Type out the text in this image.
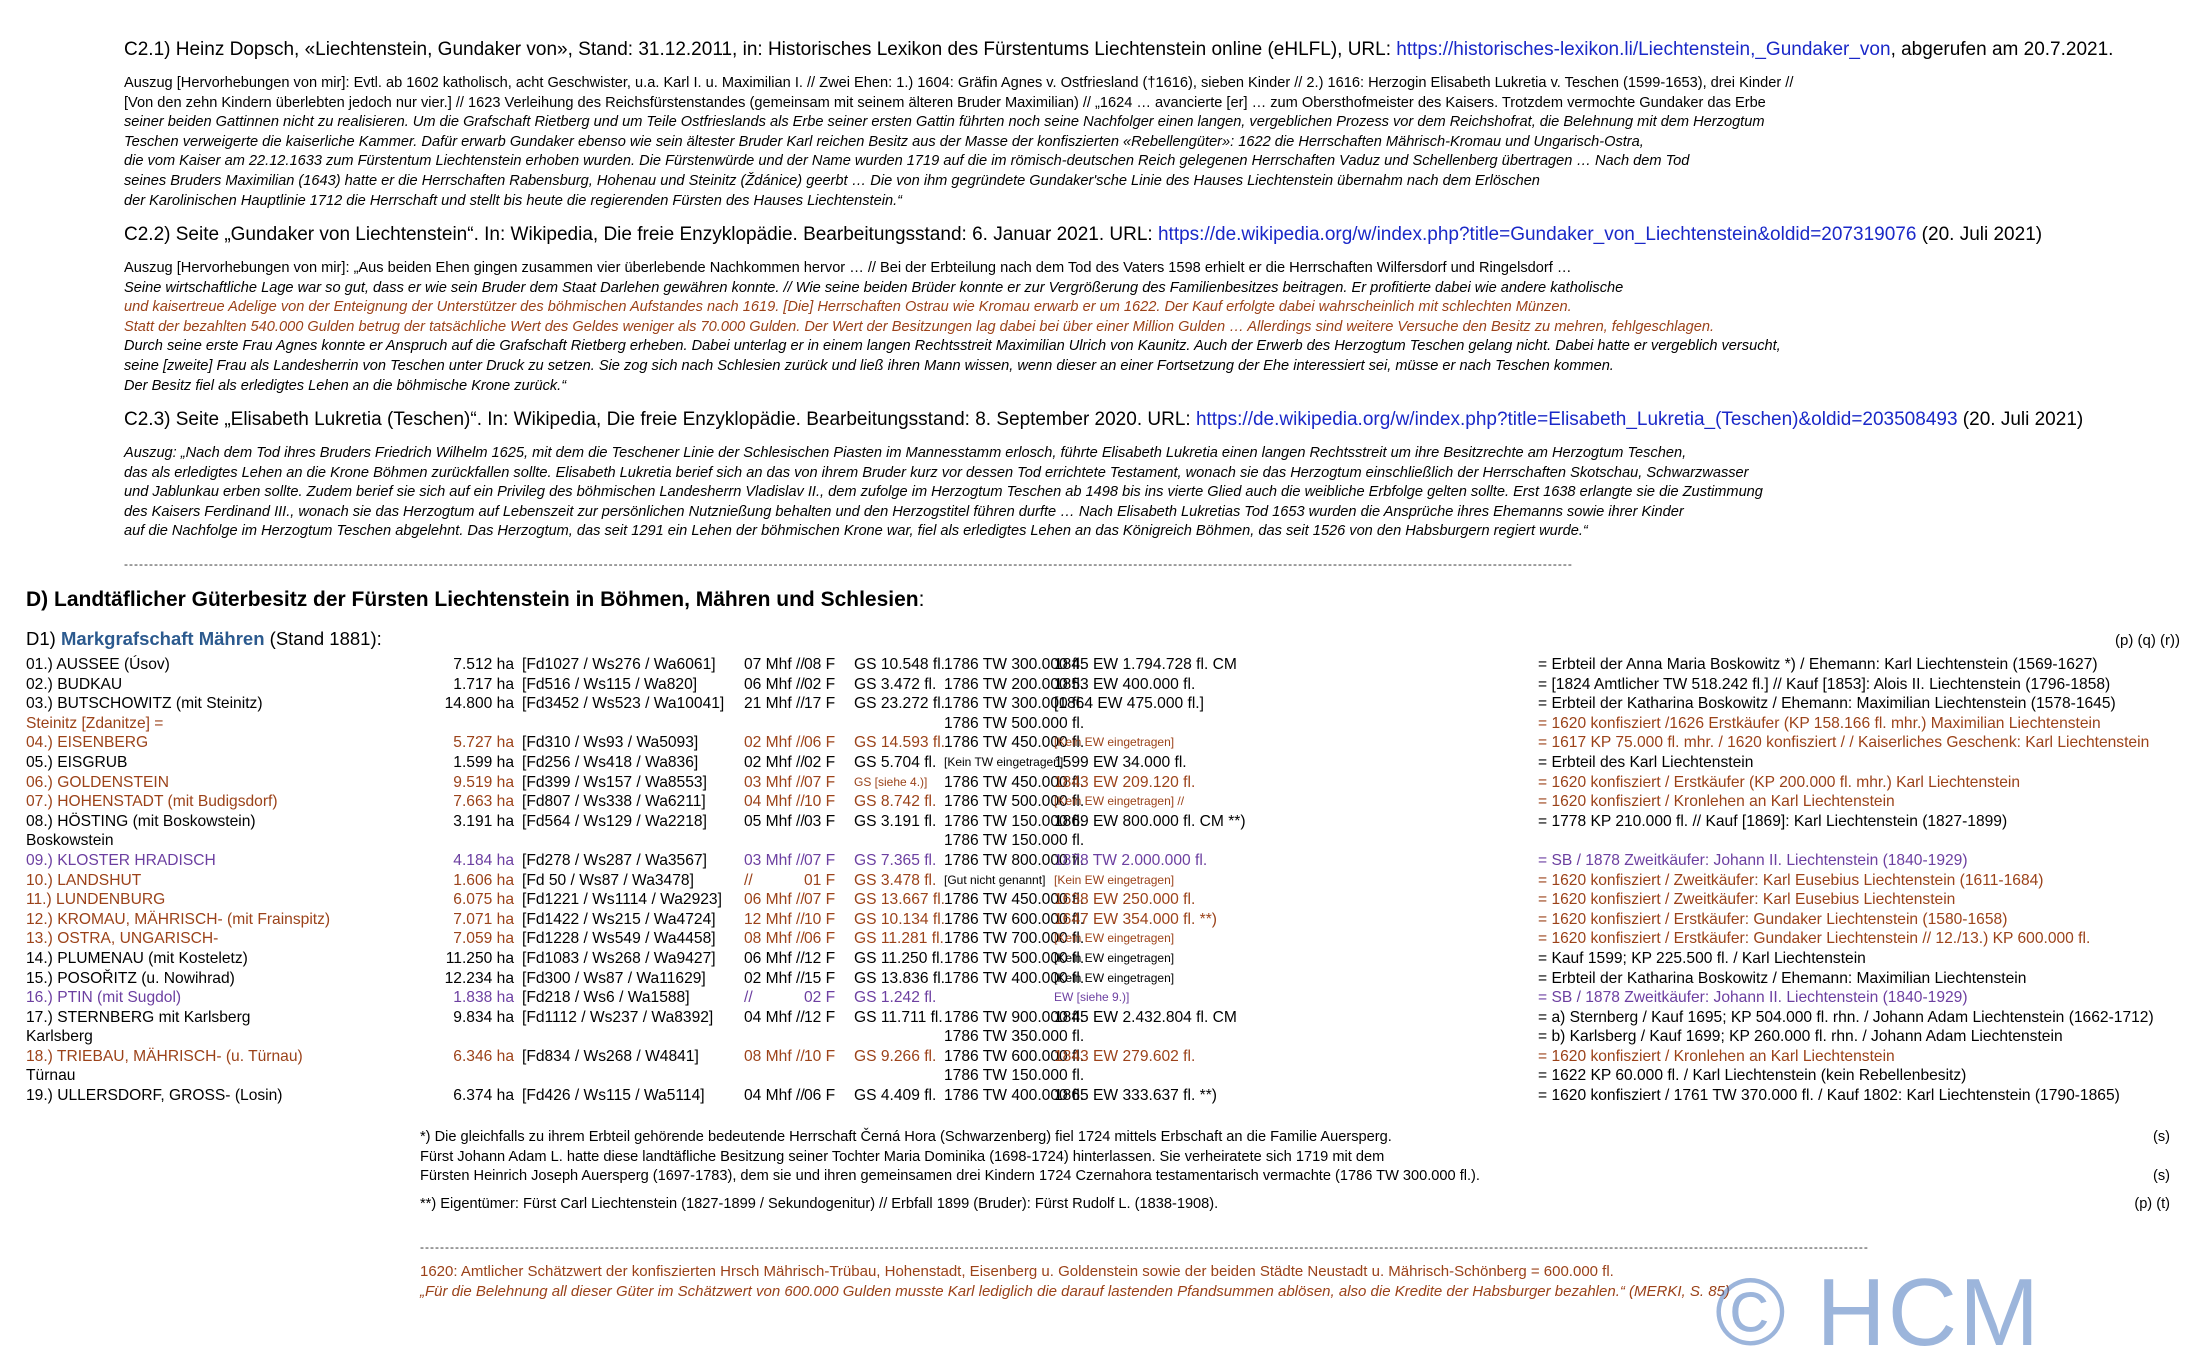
C2.1) Heinz Dopsch, «Liechtenstein, Gundaker von», Stand: 31.12.2011, in: Historisches Lexikon des Fürstentums Liechtenstein online (eHLFL), URL: https://historisches-lexikon.li/Liechtenstein,_Gundaker_von, abgerufen am 20.7.2021.
Auszug [Hervorhebungen von mir]: Evtl. ab 1602 katholisch, acht Geschwister, u.a. Karl I. u. Maximilian I. // Zwei Ehen: 1.) 1604: Gräfin Agnes v. Ostfriesland (†1616), sieben Kinder // 2.) 1616: Herzogin Elisabeth Lukretia v. Teschen (1599-1653), drei Kinder //
[Von den zehn Kindern überlebten jedoch nur vier.] // 1623 Verleihung des Reichsfürstenstandes (gemeinsam mit seinem älteren Bruder Maximilian) // „1624 … avancierte [er] … zum Obersthofmeister des Kaisers. Trotzdem vermochte Gundaker das Erbe
seiner beiden Gattinnen nicht zu realisieren. Um die Grafschaft Rietberg und um Teile Ostfrieslands als Erbe seiner ersten Gattin führten noch seine Nachfolger einen langen, vergeblichen Prozess vor dem Reichshofrat, die Belehnung mit dem Herzogtum
Teschen verweigerte die kaiserliche Kammer. Dafür erwarb Gundaker ebenso wie sein ältester Bruder Karl reichen Besitz aus der Masse der konfiszierten «Rebellengüter»: 1622 die Herrschaften Mährisch-Kromau und Ungarisch-Ostra,
die vom Kaiser am 22.12.1633 zum Fürstentum Liechtenstein erhoben wurden. Die Fürstenwürde und der Name wurden 1719 auf die im römisch-deutschen Reich gelegenen Herrschaften Vaduz und Schellenberg übertragen … Nach dem Tod
seines Bruders Maximilian (1643) hatte er die Herrschaften Rabensburg, Hohenau und Steinitz (Ždánice) geerbt … Die von ihm gegründete Gundaker'sche Linie des Hauses Liechtenstein übernahm nach dem Erlöschen
der Karolinischen Hauptlinie 1712 die Herrschaft und stellt bis heute die regierenden Fürsten des Hauses Liechtenstein.“
C2.2) Seite „Gundaker von Liechtenstein“. In: Wikipedia, Die freie Enzyklopädie. Bearbeitungsstand: 6. Januar 2021. URL: https://de.wikipedia.org/w/index.php?title=Gundaker_von_Liechtenstein&oldid=207319076 (20. Juli 2021)
Auszug [Hervorhebungen von mir]: „Aus beiden Ehen gingen zusammen vier überlebende Nachkommen hervor … // Bei der Erbteilung nach dem Tod des Vaters 1598 erhielt er die Herrschaften Wilfersdorf und Ringelsdorf …
Seine wirtschaftliche Lage war so gut, dass er wie sein Bruder dem Staat Darlehen gewähren konnte. // Wie seine beiden Brüder konnte er zur Vergrößerung des Familienbesitzes beitragen. Er profitierte dabei wie andere katholische
und kaisertreue Adelige von der Enteignung der Unterstützer des böhmischen Aufstandes nach 1619. [Die] Herrschaften Ostrau wie Kromau erwarb er um 1622. Der Kauf erfolgte dabei wahrscheinlich mit schlechten Münzen.
Statt der bezahlten 540.000 Gulden betrug der tatsächliche Wert des Geldes weniger als 70.000 Gulden. Der Wert der Besitzungen lag dabei bei über einer Million Gulden … Allerdings sind weitere Versuche den Besitz zu mehren, fehlgeschlagen.
Durch seine erste Frau Agnes konnte er Anspruch auf die Grafschaft Rietberg erheben. Dabei unterlag er in einem langen Rechtsstreit Maximilian Ulrich von Kaunitz. Auch der Erwerb des Herzogtum Teschen gelang nicht. Dabei hatte er vergeblich versucht,
seine [zweite] Frau als Landesherrin von Teschen unter Druck zu setzen. Sie zog sich nach Schlesien zurück und ließ ihren Mann wissen, wenn dieser an einer Fortsetzung der Ehe interessiert sei, müsse er nach Teschen kommen.
Der Besitz fiel als erledigtes Lehen an die böhmische Krone zurück.“
C2.3) Seite „Elisabeth Lukretia (Teschen)“. In: Wikipedia, Die freie Enzyklopädie. Bearbeitungsstand: 8. September 2020. URL: https://de.wikipedia.org/w/index.php?title=Elisabeth_Lukretia_(Teschen)&oldid=203508493 (20. Juli 2021)
Auszug: „Nach dem Tod ihres Bruders Friedrich Wilhelm 1625, mit dem die Teschener Linie der Schlesischen Piasten im Mannesstamm erlosch, führte Elisabeth Lukretia einen langen Rechtsstreit um ihre Besitzrechte am Herzogtum Teschen,
das als erledigtes Lehen an die Krone Böhmen zurückfallen sollte. Elisabeth Lukretia berief sich an das von ihrem Bruder kurz vor dessen Tod errichtete Testament, wonach sie das Herzogtum einschließlich der Herrschaften Skotschau, Schwarzwasser
und Jablunkau erben sollte. Zudem berief sie sich auf ein Privileg des böhmischen Landesherrn Vladislav II., dem zufolge im Herzogtum Teschen ab 1498 bis ins vierte Glied auch die weibliche Erbfolge gelten sollte. Erst 1638 erlangte sie die Zustimmung
des Kaisers Ferdinand III., wonach sie das Herzogtum auf Lebenszeit zur persönlichen Nutznießung behalten und den Herzogstitel führen durfte … Nach Elisabeth Lukretias Tod 1653 wurden die Ansprüche ihres Ehemanns sowie ihrer Kinder
auf die Nachfolge im Herzogtum Teschen abgelehnt. Das Herzogtum, das seit 1291 ein Lehen der böhmischen Krone war, fiel als erledigtes Lehen an das Königreich Böhmen, das seit 1526 von den Habsburgern regiert wurde.“
--------------------------------------------------------------------------------------------------------------------------------------------------------------------------------------------------------------------------------------------------------------------------------------------------
D) Landtäflicher Güterbesitz der Fürsten Liechtenstein in Böhmen, Mähren und Schlesien:
D1) Markgrafschaft Mähren (Stand 1881):	(p) (q) (r))
01.) AUSSEE (Úsov)	7.512 ha		[Fd1027 / Ws276 / Wa6061]	07 Mhf //	08 F	GS 10.548 fl.	1786 TW 300.000 fl.	1845 EW 1.794.728 fl. CM		= Erbteil der Anna Maria Boskowitz *) / Ehemann: Karl Liechtenstein (1569-1627)
02.) BUDKAU	1.717 ha		[Fd516 / Ws115 / Wa820]	06 Mhf //	02 F	GS 3.472 fl.	1786 TW 200.000 fl.	1853 EW 400.000 fl.		= [1824 Amtlicher TW 518.242 fl.] // Kauf [1853]: Alois II. Liechtenstein (1796-1858)
03.) BUTSCHOWITZ (mit Steinitz)	14.800 ha		[Fd3452 / Ws523 / Wa10041]	21 Mhf //	17 F	GS 23.272 fl.	1786 TW 300.000 fl.	[1864 EW 475.000 fl.]		= Erbteil der Katharina Boskowitz / Ehemann: Maximilian Liechtenstein (1578-1645)
Steinitz [Zdanitze] =							1786 TW 500.000 fl.			= 1620 konfisziert /1626 Erstkäufer (KP 158.166 fl. mhr.) Maximilian Liechtenstein
04.) EISENBERG	5.727 ha		[Fd310 / Ws93 / Wa5093]	02 Mhf //	06 F	GS 14.593 fl.	1786 TW 450.000 fl.	[Kein EW eingetragen]		= 1617 KP 75.000 fl. mhr. / 1620 konfisziert / / Kaiserliches Geschenk: Karl Liechtenstein
05.) EISGRUB	1.599 ha		[Fd256 / Ws418 / Wa836]	02 Mhf //	02 F	GS 5.704 fl.	[Kein TW eingetragen]	1599 EW 34.000 fl.		= Erbteil des Karl Liechtenstein
06.) GOLDENSTEIN	9.519 ha		[Fd399 / Ws157 / Wa8553]	03 Mhf //	07 F	GS [siehe 4.)]	1786 TW 450.000 fl.	1843 EW 209.120 fl.		= 1620 konfisziert / Erstkäufer (KP 200.000 fl. mhr.) Karl Liechtenstein
07.) HOHENSTADT (mit Budigsdorf)	7.663 ha		[Fd807 / Ws338 / Wa6211]	04 Mhf //	10 F	GS 8.742 fl.	1786 TW 500.000 fl.	[Kein EW eingetragen] //		= 1620 konfisziert / Kronlehen an Karl Liechtenstein
08.) HÖSTING (mit Boskowstein)	3.191 ha		[Fd564 / Ws129 / Wa2218]	05 Mhf //	03 F	GS 3.191 fl.	1786 TW 150.000 fl.	1869 EW 800.000 fl. CM **)		= 1778 KP 210.000 fl. // Kauf [1869]: Karl Liechtenstein (1827-1899)
Boskowstein							1786 TW 150.000 fl.			
09.) KLOSTER HRADISCH	4.184 ha		[Fd278 / Ws287 / Wa3567]	03 Mhf //	07 F	GS 7.365 fl.	1786 TW 800.000 fl.	1878 TW 2.000.000 fl.		= SB / 1878 Zweitkäufer: Johann II. Liechtenstein (1840-1929)
10.) LANDSHUT	1.606 ha		[Fd 50 / Ws87 / Wa3478]	//	01 F	GS 3.478 fl.	[Gut nicht genannt]	[Kein EW eingetragen]		= 1620 konfisziert / Zweitkäufer: Karl Eusebius Liechtenstein (1611-1684)
11.) LUNDENBURG	6.075 ha		[Fd1221 / Ws1114 / Wa2923]	06 Mhf //	07 F	GS 13.667 fl.	1786 TW 450.000 fl.	1638 EW 250.000 fl.		= 1620 konfisziert / Zweitkäufer: Karl Eusebius Liechtenstein
12.) KROMAU, MÄHRISCH- (mit Frainspitz)	7.071 ha		[Fd1422 / Ws215 / Wa4724]	12 Mhf //	10 F	GS 10.134 fl.	1786 TW 600.000 fl.	1647 EW 354.000 fl. **)		= 1620 konfisziert / Erstkäufer: Gundaker Liechtenstein (1580-1658)
13.) OSTRA, UNGARISCH-	7.059 ha		[Fd1228 / Ws549 / Wa4458]	08 Mhf //	06 F	GS 11.281 fl.	1786 TW 700.000 fl.	[Kein EW eingetragen]		= 1620 konfisziert / Erstkäufer: Gundaker Liechtenstein // 12./13.) KP 600.000 fl.
14.) PLUMENAU (mit Kosteletz)	11.250 ha		[Fd1083 / Ws268 / Wa9427]	06 Mhf //	12 F	GS 11.250 fl.	1786 TW 500.000 fl.	[Kein EW eingetragen]		= Kauf 1599; KP 225.500 fl. / Karl Liechtenstein
15.) POSOŘITZ (u. Nowihrad)	12.234 ha		[Fd300 / Ws87 / Wa11629]	02 Mhf //	15 F	GS 13.836 fl.	1786 TW 400.000 fl.	[Kein EW eingetragen]		= Erbteil der Katharina Boskowitz / Ehemann: Maximilian Liechtenstein
16.) PTIN (mit Sugdol)	1.838 ha		[Fd218 / Ws6 / Wa1588]	//	02 F	GS 1.242 fl.		EW [siehe 9.)]		= SB / 1878 Zweitkäufer: Johann II. Liechtenstein (1840-1929)
17.) STERNBERG mit Karlsberg	9.834 ha		[Fd1112 / Ws237 / Wa8392]	04 Mhf //	12 F	GS 11.711 fl.	1786 TW 900.000 fl.	1845 EW 2.432.804 fl. CM		= a) Sternberg / Kauf 1695; KP 504.000 fl. rhn. / Johann Adam Liechtenstein (1662-1712)
Karlsberg							1786 TW 350.000 fl.			= b) Karlsberg / Kauf 1699; KP 260.000 fl. rhn. / Johann Adam Liechtenstein
18.) TRIEBAU, MÄHRISCH- (u. Türnau)	6.346 ha		[Fd834 / Ws268 / W4841]	08 Mhf //	10 F	GS 9.266 fl.	1786 TW 600.000 fl.	1843 EW 279.602 fl.		= 1620 konfisziert / Kronlehen an Karl Liechtenstein
Türnau							1786 TW 150.000 fl.			= 1622 KP 60.000 fl. / Karl Liechtenstein (kein Rebellenbesitz)
19.) ULLERSDORF, GROSS- (Losin)	6.374 ha		[Fd426 / Ws115 / Wa5114]	04 Mhf //	06 F	GS 4.409 fl.	1786 TW 400.000 fl.	1865 EW 333.637 fl. **)		= 1620 konfisziert / 1761 TW 370.000 fl. / Kauf 1802: Karl Liechtenstein (1790-1865)
*) Die gleichfalls zu ihrem Erbteil gehörende bedeutende Herrschaft Černá Hora (Schwarzenberg) fiel 1724 mittels Erbschaft an die Familie Auersperg.	(s)
Fürst Johann Adam L. hatte diese landtäfliche Besitzung seiner Tochter Maria Dominika (1698-1724) hinterlassen. Sie verheiratete sich 1719 mit dem
Fürsten Heinrich Joseph Auersperg (1697-1783), dem sie und ihren gemeinsamen drei Kindern 1724 Czernahora testamentarisch vermachte (1786 TW 300.000 fl.).	(s)
**) Eigentümer: Fürst Carl Liechtenstein (1827-1899 / Sekundogenitur) // Erbfall 1899 (Bruder): Fürst Rudolf L. (1838-1908).	(p) (t)
--------------------------------------------------------------------------------------------------------------------------------------------------------------------------------------------------------------------------------------------------------------------------------------------------
1620: Amtlicher Schätzwert der konfiszierten Hrsch Mährisch-Trübau, Hohenstadt, Eisenberg u. Goldenstein sowie der beiden Städte Neustadt u. Mährisch-Schönberg = 600.000 fl.
„Für die Belehnung all dieser Güter im Schätzwert von 600.000 Gulden musste Karl lediglich die darauf lastenden Pfandsummen ablösen, also die Kredite der Habsburger bezahlen.“ (MERKI, S. 85)
© HCM
